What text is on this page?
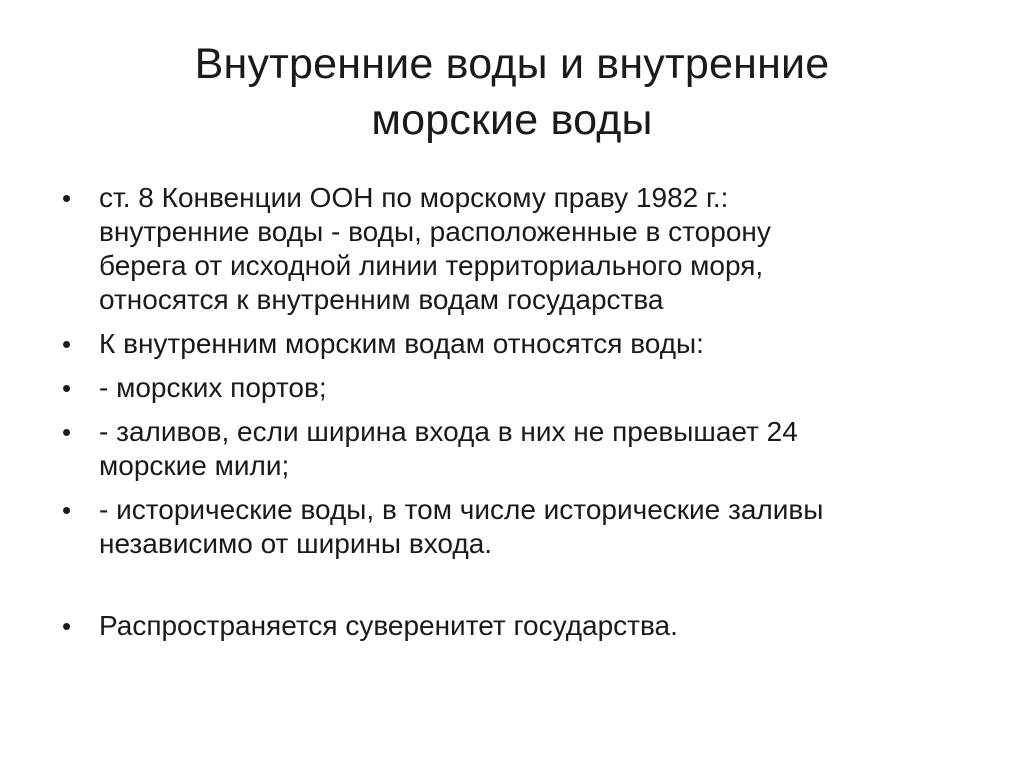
Внутренние воды и внутренние
морские воды
• ст. 8 Конвенции ООН по морскому праву 1982 г.:
внутренние воды - воды, расположенные в сторону
берега от исходной линии территориального моря,
относятся к внутренним водам государства
• К внутренним морским водам относятся воды:
• - морских портов;
• - заливов, если ширина входа в них не превышает 24
морские мили;
• - исторические воды, в том числе исторические заливы
независимо от ширины входа.
• Распространяется суверенитет государства.
